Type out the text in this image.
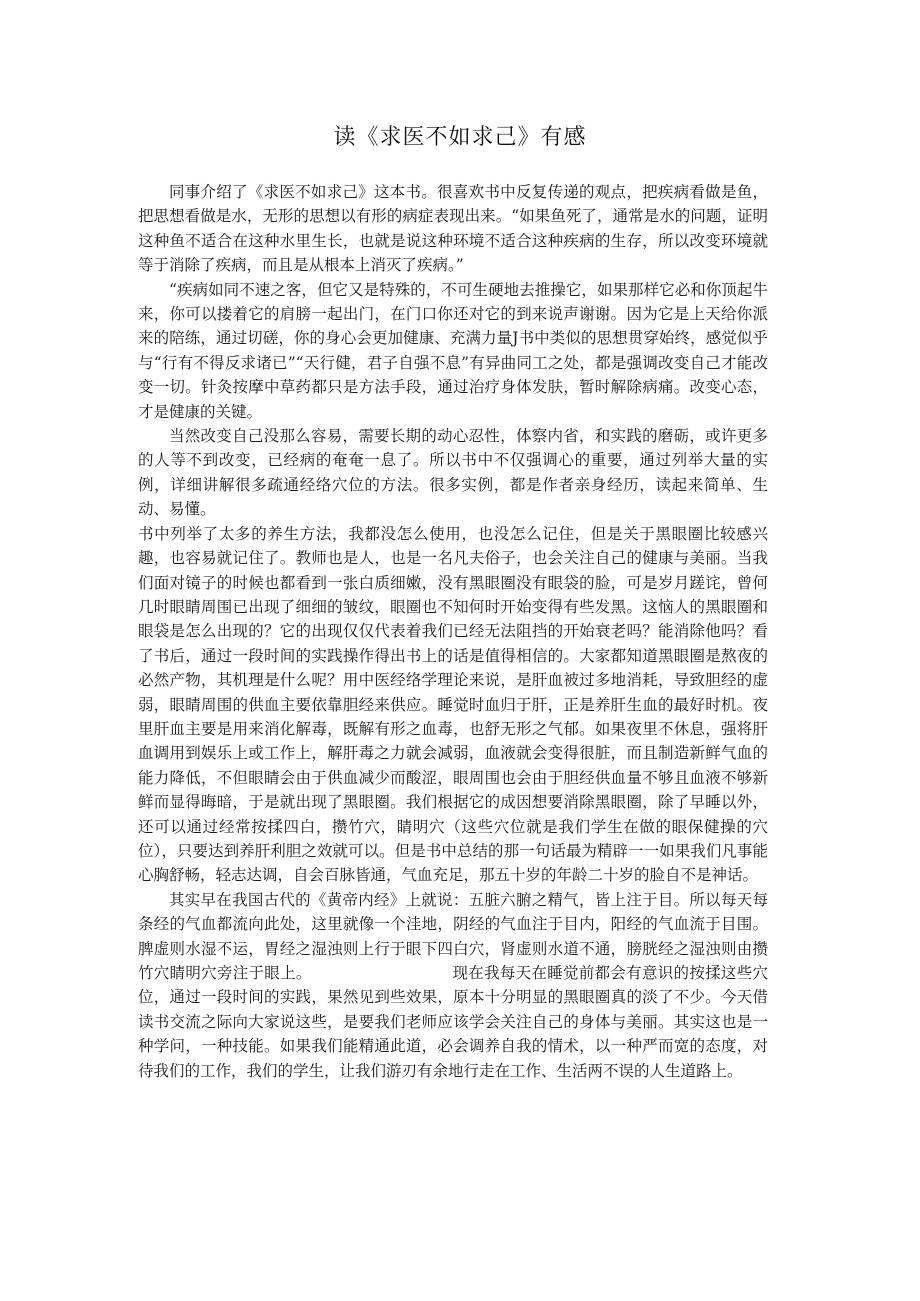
读《求医不如求己》有感

同事介绍了《求医不如求己》这本书。很喜欢书中反复传递的观点，把疾病看做是鱼，把思想看做是水，无形的思想以有形的病症表现出来。“如果鱼死了，通常是水的问题，证明这种鱼不适合在这种水里生长，也就是说这种环境不适合这种疾病的生存，所以改变环境就等于消除了疾病，而且是从根本上消灭了疾病。”

“疾病如同不速之客，但它又是特殊的，不可生硬地去推操它，如果那样它必和你顶起牛来，你可以搂着它的肩膀一起出门，在门口你还对它的到来说声谢谢。因为它是上天给你派来的陪练，通过切磋，你的身心会更加健康、充满力量J书中类似的思想贯穿始终，感觉似乎与“行有不得反求诸已”“天行健，君子自强不息”有异曲同工之处，都是强调改变自己才能改变一切。针灸按摩中草药都只是方法手段，通过治疗身体发肤，暂时解除病痛。改变心态，才是健康的关键。

当然改变自己没那么容易，需要长期的动心忍性，体察内省，和实践的磨砺，或许更多的人等不到改变，已经病的奄奄一息了。所以书中不仅强调心的重要，通过列举大量的实例，详细讲解很多疏通经络穴位的方法。很多实例，都是作者亲身经历，读起来简单、生动、易懂。

书中列举了太多的养生方法，我都没怎么使用，也没怎么记住，但是关于黑眼圈比较感兴趣，也容易就记住了。教师也是人，也是一名凡夫俗子，也会关注自己的健康与美丽。当我们面对镜子的时候也都看到一张白质细嫩，没有黑眼圈没有眼袋的脸，可是岁月蹉诧，曾何几时眼睛周围已出现了细细的皱纹，眼圈也不知何时开始变得有些发黑。这恼人的黑眼圈和眼袋是怎么出现的？它的出现仅仅代表着我们已经无法阻挡的开始衰老吗？能消除他吗？看了书后，通过一段时间的实践操作得出书上的话是值得相信的。大家都知道黑眼圈是熬夜的必然产物，其机理是什么呢？用中医经络学理论来说，是肝血被过多地消耗，导致胆经的虚弱，眼睛周围的供血主要依靠胆经来供应。睡觉时血归于肝，正是养肝生血的最好时机。夜里肝血主要是用来消化解毒，既解有形之血毒，也舒无形之气郁。如果夜里不休息，强将肝血调用到娱乐上或工作上，解肝毒之力就会减弱，血液就会变得很脏，而且制造新鲜气血的能力降低，不但眼睛会由于供血减少而酸涩，眼周围也会由于胆经供血量不够且血液不够新鲜而显得晦暗，于是就出现了黑眼圈。我们根据它的成因想要消除黑眼圈，除了早睡以外，还可以通过经常按揉四白，攒竹穴，睛明穴（这些穴位就是我们学生在做的眼保健操的穴位），只要达到养肝利胆之效就可以。但是书中总结的那一句话最为精辟一一如果我们凡事能心胸舒畅，轻志达调，自会百脉皆通，气血充足，那五十岁的年龄二十岁的脸自不是神话。

其实早在我国古代的《黄帝内经》上就说：五脏六腑之精气，皆上注于目。所以每天每条经的气血都流向此处，这里就像一个洼地，阴经的气血注于目内，阳经的气血流于目围。脾虚则水湿不运，胃经之湿浊则上行于眼下四白穴，肾虚则水道不通，膀胱经之湿浊则由攒竹穴睛明穴旁注于眼上。                           现在我每天在睡觉前都会有意识的按揉这些穴位，通过一段时间的实践，果然见到些效果，原本十分明显的黑眼圈真的淡了不少。今天借读书交流之际向大家说这些，是要我们老师应该学会关注自己的身体与美丽。其实这也是一种学问，一种技能。如果我们能精通此道，必会调养自我的情术，以一种严而宽的态度，对待我们的工作，我们的学生，让我们游刃有余地行走在工作、生活两不误的人生道路上。
